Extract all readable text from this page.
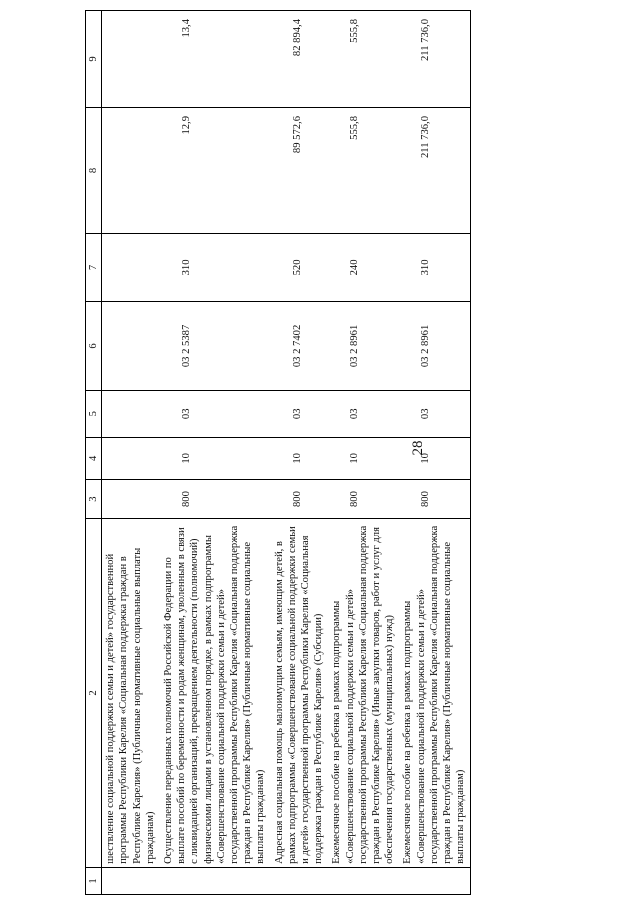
28
1	2	3	4	5	6	7	8	9
	шествление социальной поддержки семьи и детей» государственной программы Республики Карелия «Социальная поддержка граждан в Республике Карелия» (Публичные нормативные социальные выплаты гражданам)							
	Осуществление переданных полномочий Российской Федерации по выплате пособий по беременности и родам женщинам, уволенным в связи с ликвидацией организаций, прекращением деятельности (полномочий) физическими лицами в установленном порядке, в рамках подпрограммы «Совершенствование социальной поддержки семьи и детей» государственной программы Республики Карелия «Социальная поддержка граждан в Республике Карелия» (Публичные нормативные социальные выплаты гражданам)	800	10	03	03 2 5387	310	12,9	13,4
	Адресная социальная помощь малоимущим семьям, имеющим детей, в рамках подпрограммы «Совершенствование социальной поддержки семьи и детей» государственной программы Республики Карелия «Социальная поддержка граждан в Республике Карелия» (Субсидии)	800	10	03	03 2 7402	520	89 572,6	82 894,4
	Ежемесячное пособие на ребенка в рамках подпрограммы «Совершенствование социальной поддержки семьи и детей» государственной программы Республики Карелия «Социальная поддержка граждан в Республике Карелия» (Иные закупки товаров, работ и услуг для обеспечения государственных (муниципальных) нужд)	800	10	03	03 2 8961	240	555,8	555,8
	Ежемесячное пособие на ребенка в рамках подпрограммы «Совершенствование социальной поддержки семьи и детей» государственной программы Республики Карелия «Социальная поддержка граждан в Республике Карелия» (Публичные нормативные социальные выплаты гражданам)	800	10	03	03 2 8961	310	211 736,0	211 736,0
